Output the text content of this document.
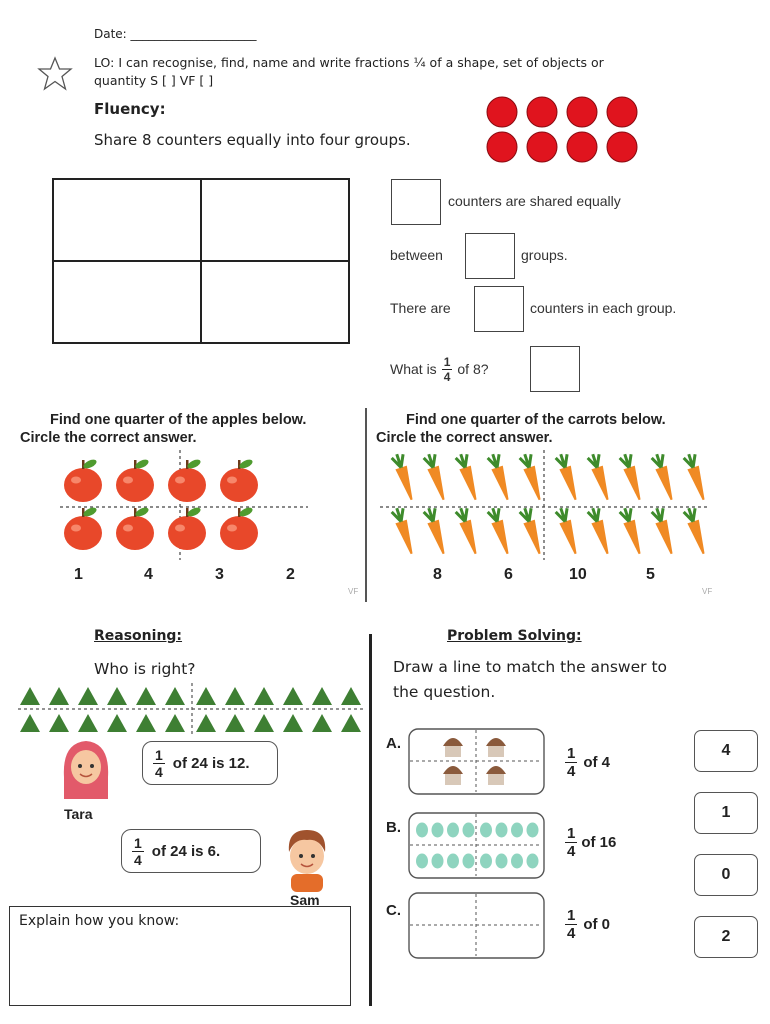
Date: _____________________
LO: I can recognise, find, name and write fractions ¼ of a shape, set of objects or
quantity S [ ] VF [ ]
Fluency:
Share 8 counters equally into four groups.
counters are shared equally
between	groups.
There are	counters in each group.
What is $\frac{1}{4}$ of 8?
Find one quarter of the apples below.
Circle the correct answer.
Find one quarter of the carrots below.
Circle the correct answer.
1	4	3	2
VF
8	6	10	5
VF
Reasoning:
Who is right?
Tara
$\frac{1}{4}$ of 24 is 12.
Sam
$\frac{1}{4}$ of 24 is 6.
Explain how you know:
Problem Solving:
Draw a line to match the answer to
the question.
A.
$\frac{1}{4}$ of 4
B.	$\frac{1}{4}$ of 16
C.	$\frac{1}{4}$ of 0
4
1
0
2
